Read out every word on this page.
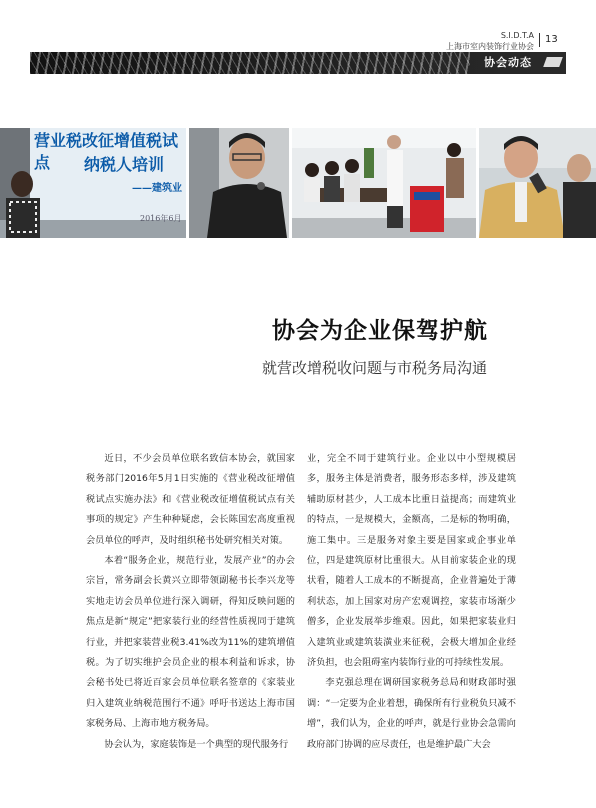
S.I.D.T.A
上海市室内装饰行业协会
13
协会动态
营业税改征增值税试点	纳税人培训
——建筑业
2016年6月
协会为企业保驾护航
就营改增税收问题与市税务局沟通

近日，不少会员单位联名致信本协会，就国家税务部门2016年5月1日实施的《营业税改征增值税试点实施办法》和《营业税改征增值税试点有关事项的规定》产生种种疑虑，会长陈国宏高度重视会员单位的呼声，及时组织秘书处研究相关对策。

本着“服务企业，规范行业，发展产业”的办会宗旨，常务副会长黄兴立即带领副秘书长李兴龙等实地走访会员单位进行深入调研，得知反映问题的焦点是新“规定”把家装行业的经营性质视同于建筑行业，并把家装营业税3.41%改为11%的建筑增值税。为了切实维护会员企业的根本利益和诉求，协会秘书处已将近百家会员单位联名签章的《家装业归入建筑业纳税范围行不通》呼吁书送达上海市国家税务局、上海市地方税务局。

协会认为，家庭装饰是一个典型的现代服务行

业，完全不同于建筑行业。企业以中小型规模居多，服务主体是消费者，服务形态多样，涉及建筑辅助原材甚少，人工成本比重日益提高；而建筑业的特点，一是规模大，金额高，二是标的物明确，施工集中。三是服务对象主要是国家或企事业单位，四是建筑原材比重很大。从目前家装企业的现状看，随着人工成本的不断提高，企业普遍处于薄利状态，加上国家对房产宏观调控，家装市场渐少僧多，企业发展举步维艰。因此，如果把家装业归入建筑业或建筑装潢业来征税，会极大增加企业经济负担，也会阻碍室内装饰行业的可持续性发展。

李克强总理在调研国家税务总局和财政部时强调：“一定要为企业着想，确保所有行业税负只减不增”，我们认为，企业的呼声，就是行业协会急需向政府部门协调的应尽责任，也是维护最广大会
